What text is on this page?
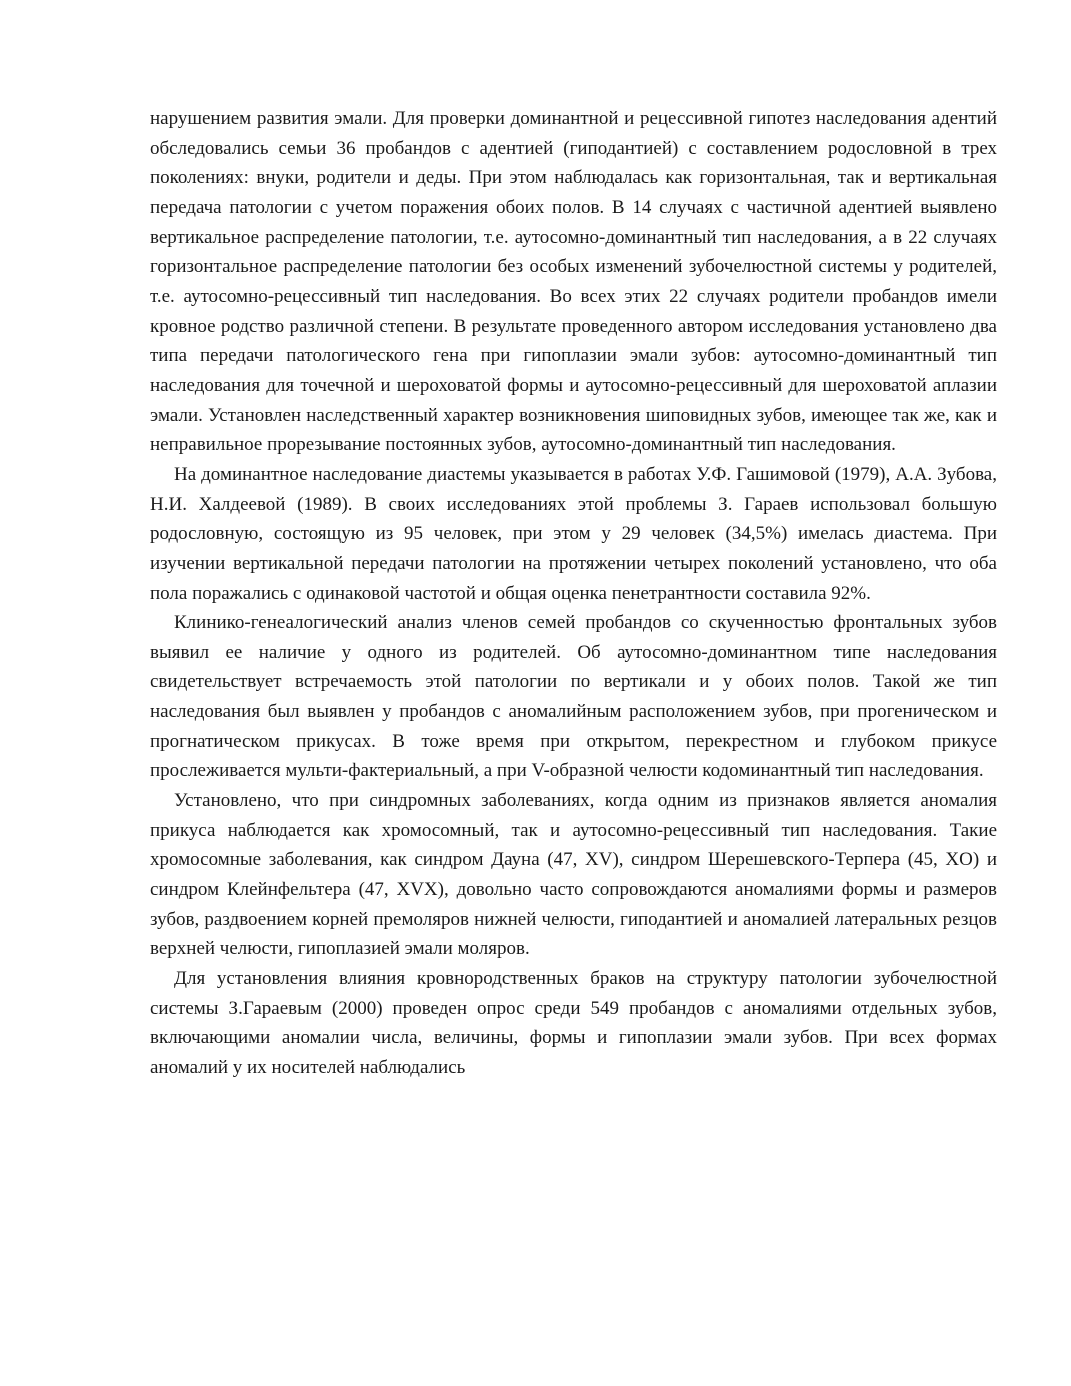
нарушением развития эмали. Для проверки доминантной и рецессивной гипотез наследования адентий обследовались семьи 36 пробандов с адентией (гиподантией) с составлением родословной в трех поколениях: внуки, родители и деды. При этом наблюдалась как горизонтальная, так и вертикальная передача патологии с учетом поражения обоих полов. В 14 случаях с частичной адентией выявлено вертикальное распределение патологии, т.е. аутосомно-доминантный тип наследования, а в 22 случаях горизонтальное распределение патологии без особых изменений зубочелюстной системы у родителей, т.е. аутосомно-рецессивный тип наследования. Во всех этих 22 случаях родители пробандов имели кровное родство различной степени. В результате проведенного автором исследования установлено два типа передачи патологического гена при гипоплазии эмали зубов: аутосомно-доминантный тип наследования для точечной и шероховатой формы и аутосомно-рецессивный для шероховатой аплазии эмали. Установлен наследственный характер возникновения шиповидных зубов, имеющее так же, как и неправильное прорезывание постоянных зубов, аутосомно-доминантный тип наследования.

На доминантное наследование диастемы указывается в работах У.Ф. Гашимовой (1979), А.А. Зубова, Н.И. Халдеевой (1989). В своих исследованиях этой проблемы З. Гараев использовал большую родословную, состоящую из 95 человек, при этом у 29 человек (34,5%) имелась диастема. При изучении вертикальной передачи патологии на протяжении четырех поколений установлено, что оба пола поражались с одинаковой частотой и общая оценка пенетрантности составила 92%.

Клинико-генеалогический анализ членов семей пробандов со скученностью фронтальных зубов выявил ее наличие у одного из родителей. Об аутосомно-доминантном типе наследования свидетельствует встречаемость этой патологии по вертикали и у обоих полов. Такой же тип наследования был выявлен у пробандов с аномалийным расположением зубов, при прогеническом и прогнатическом прикусах. В тоже время при открытом, перекрестном и глубоком прикусе прослеживается мульти-фактериальный, а при V-образной челюсти кодоминантный тип наследования.

Установлено, что при синдромных заболеваниях, когда одним из признаков является аномалия прикуса наблюдается как хромосомный, так и аутосомно-рецессивный тип наследования. Такие хромосомные заболевания, как синдром Дауна (47, XV), синдром Шерешевского-Терпера (45, XO) и синдром Клейнфельтера (47, XVX), довольно часто сопровождаются аномалиями формы и размеров зубов, раздвоением корней премоляров нижней челюсти, гиподантией и аномалией латеральных резцов верхней челюсти, гипоплазией эмали моляров.

Для установления влияния кровнородственных браков на структуру патологии зубочелюстной системы З.Гараевым (2000) проведен опрос среди 549 пробандов с аномалиями отдельных зубов, включающими аномалии числа, величины, формы и гипоплазии эмали зубов. При всех формах аномалий у их носителей наблюдались
